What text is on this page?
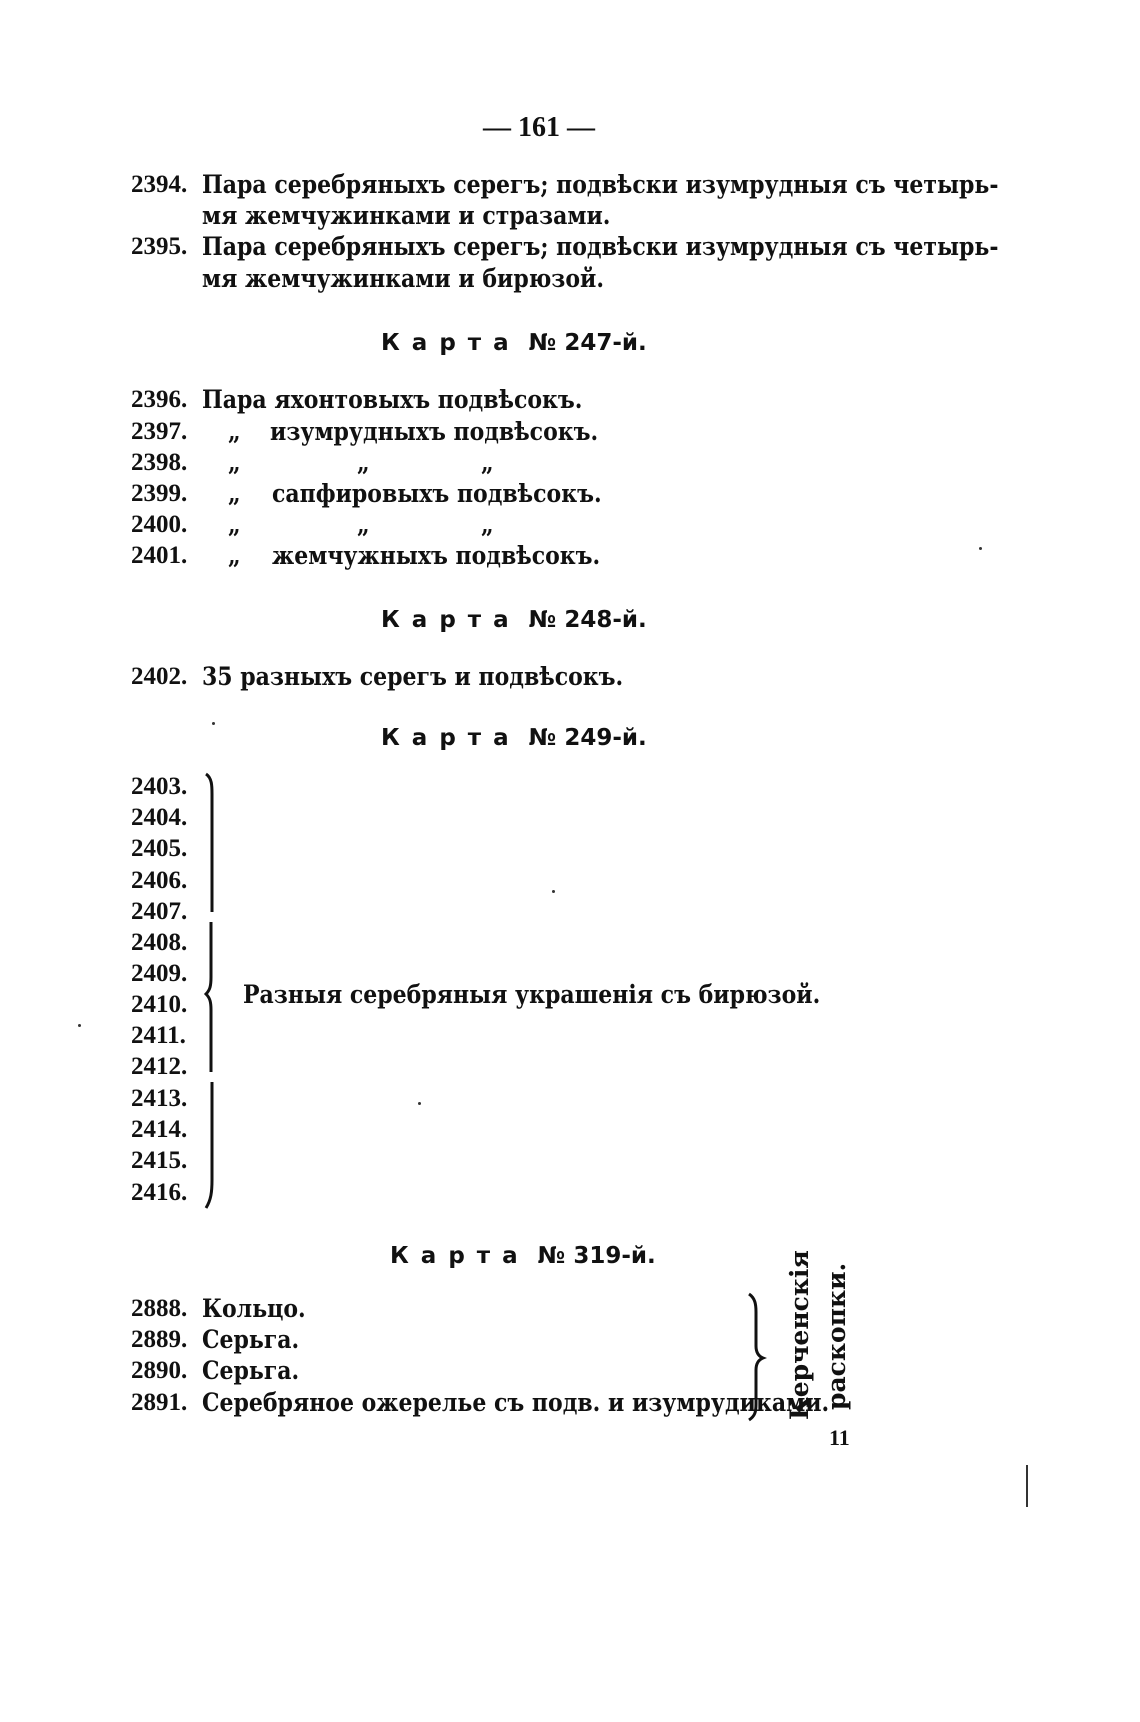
— 161 —
2394. Пара серебряныхъ серегъ; подвѣски изумрудныя съ четырь-
мя жемчужинками и стразами.
2395. Пара серебряныхъ серегъ; подвѣски изумрудныя съ четырь-
мя жемчужинками и бирюзой.
Карта № 247-й.
2396. Пара яхонтовыхъ подвѣсокъ.
2397. „ изумрудныхъ подвѣсокъ.
2398. „	„	„
2399. „ сапфировыхъ подвѣсокъ.
2400. „	„	„
2401. „ жемчужныхъ подвѣсокъ.
Карта № 248-й.
2402. 35 разныхъ серегъ и подвѣсокъ.
Карта № 249-й.
2403.
2404.
2405.
2406.
2407.
2408.
2409.
2410.
2411.
2412.
2413.
2414.
2415.
2416.
Разныя серебряныя украшенія съ бирюзой.
Карта № 319-й.
2888. Кольцо.
2889. Серьга.
2890. Серьга.
2891. Серебряное ожерелье съ подв. и изумрудиками.
Керченскія раскопки.
11
